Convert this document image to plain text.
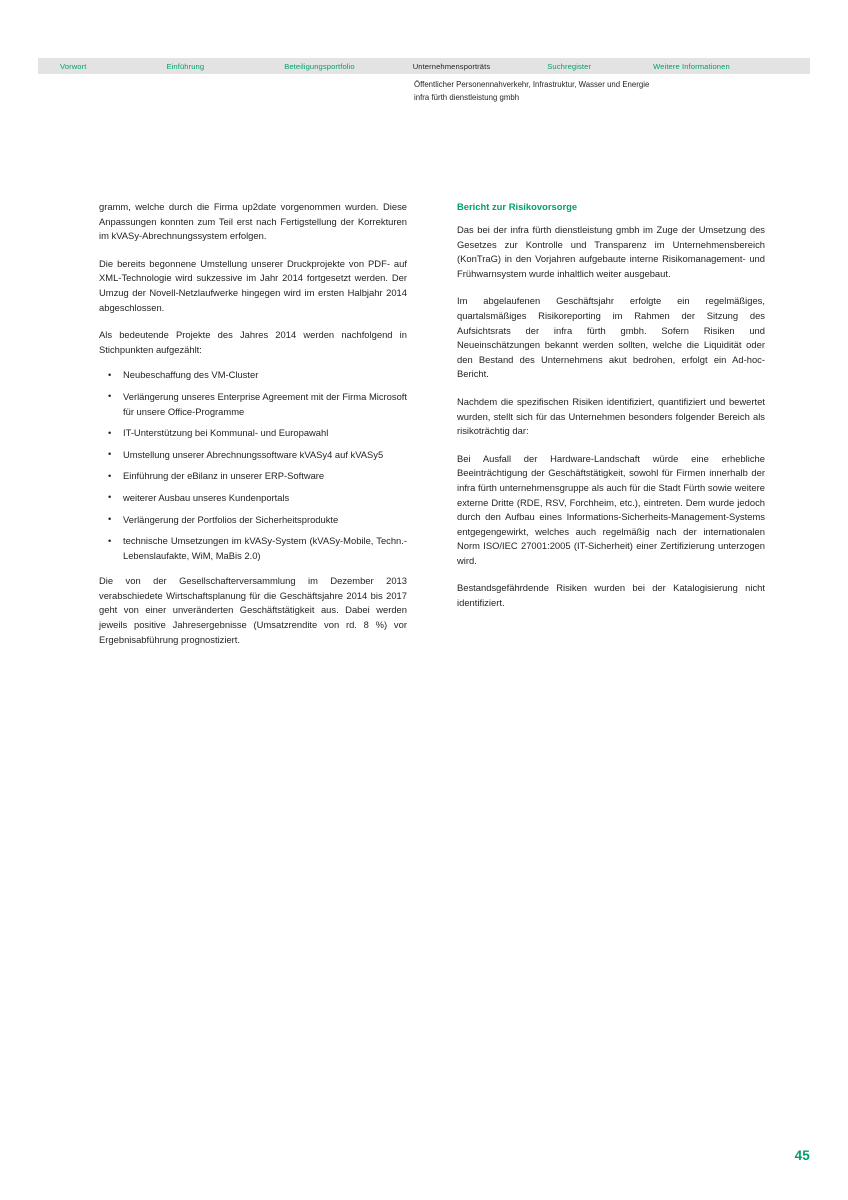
Vorwort	Einführung	Beteiligungsportfolio	Unternehmensporträts	Suchregister	Weitere Informationen
Öffentlicher Personennahverkehr, Infrastruktur, Wasser und Energie
infra fürth dienstleistung gmbh

gramm, welche durch die Firma up2date vorgenommen wurden. Diese Anpassungen konnten zum Teil erst nach Fertigstellung der Korrekturen im kVASy-Abrechnungssystem erfolgen.

Die bereits begonnene Umstellung unserer Druckprojekte von PDF- auf XML-Technologie wird sukzessive im Jahr 2014 fortgesetzt werden. Der Umzug der Novell-Netzlaufwerke hingegen wird im ersten Halbjahr 2014 abgeschlossen.

Als bedeutende Projekte des Jahres 2014 werden nachfolgend in Stichpunkten aufgezählt:

• Neubeschaffung des VM-Cluster
• Verlängerung unseres Enterprise Agreement mit der Firma Microsoft für unsere Office-Programme
• IT-Unterstützung bei Kommunal- und Europawahl
• Umstellung unserer Abrechnungssoftware kVASy4 auf kVASy5
• Einführung der eBilanz in unserer ERP-Software
• weiterer Ausbau unseres Kundenportals
• Verlängerung der Portfolios der Sicherheitsprodukte
• technische Umsetzungen im kVASy-System (kVASy-Mobile, Techn.-Lebenslaufakte, WiM, MaBis 2.0)

Die von der Gesellschafterversammlung im Dezember 2013 verabschiedete Wirtschaftsplanung für die Geschäftsjahre 2014 bis 2017 geht von einer unveränderten Geschäftstätigkeit aus. Dabei werden jeweils positive Jahresergebnisse (Umsatzrendite von rd. 8 %) vor Ergebnisabführung prognostiziert.

Bericht zur Risikovorsorge

Das bei der infra fürth dienstleistung gmbh im Zuge der Umsetzung des Gesetzes zur Kontrolle und Transparenz im Unternehmensbereich (KonTraG) in den Vorjahren aufgebaute interne Risikomanagement- und Frühwarnsystem wurde inhaltlich weiter ausgebaut.

Im abgelaufenen Geschäftsjahr erfolgte ein regelmäßiges, quartalsmäßiges Risikoreporting im Rahmen der Sitzung des Aufsichtsrats der infra fürth gmbh. Sofern Risiken und Neueinschätzungen bekannt werden sollten, welche die Liquidität oder den Bestand des Unternehmens akut bedrohen, erfolgt ein Ad-hoc-Bericht.

Nachdem die spezifischen Risiken identifiziert, quantifiziert und bewertet wurden, stellt sich für das Unternehmen besonders folgender Bereich als risikoträchtig dar:

Bei Ausfall der Hardware-Landschaft würde eine erhebliche Beeinträchtigung der Geschäftstätigkeit, sowohl für Firmen innerhalb der infra fürth unternehmensgruppe als auch für die Stadt Fürth sowie weitere externe Dritte (RDE, RSV, Forchheim, etc.), eintreten. Dem wurde jedoch durch den Aufbau eines Informations-Sicherheits-Management-Systems entgegengewirkt, welches auch regelmäßig nach der internationalen Norm ISO/IEC 27001:2005 (IT-Sicherheit) einer Zertifizierung unterzogen wird.

Bestandsgefährdende Risiken wurden bei der Katalogisierung nicht identifiziert.

45
